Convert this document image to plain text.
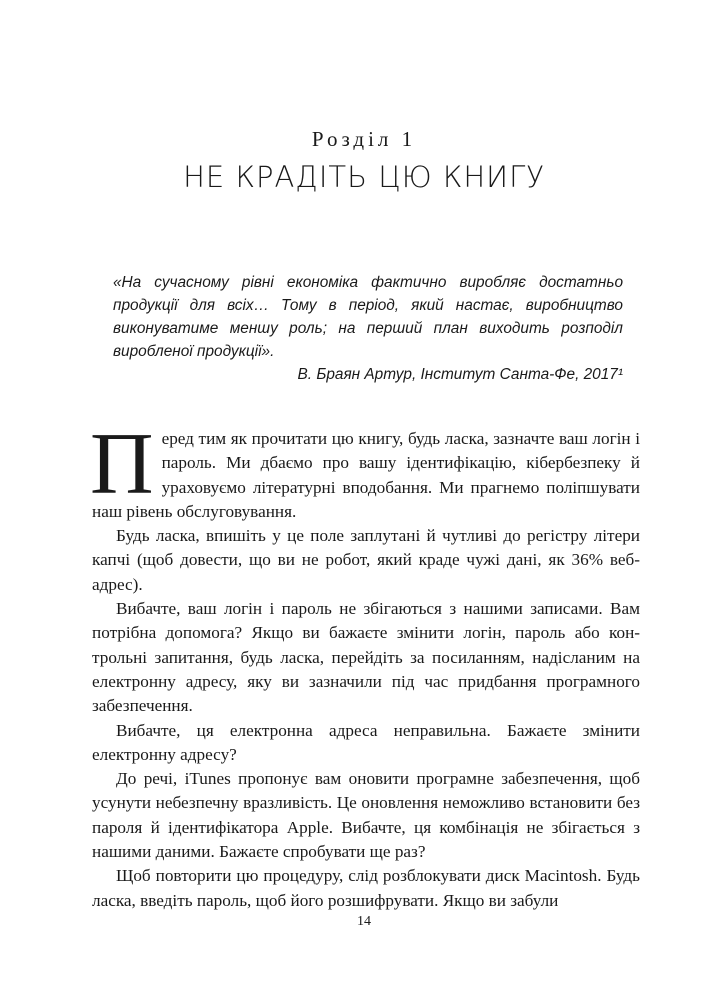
Розділ 1
НЕ КРАДІТЬ ЦЮ КНИГУ

«На сучасному рівні економіка фактично виробляє достатньо продукції для всіх… Тому в період, який настає, виробництво виконуватиме меншу роль; на перший план виходить розподіл виробленої продукції».

В. Браян Артур, Інститут Санта-Фе, 2017¹

П еред тим як прочитати цю книгу, будь ласка, зазначте ваш логін і пароль. Ми дбаємо про вашу ідентифікацію, кібербезпеку й ураховуємо літературні вподобання. Ми прагнемо поліпшувати наш рівень обслуговування.

Будь ласка, впишіть у це поле заплутані й чутливі до регістру літери капчі (щоб довести, що ви не робот, який краде чужі дані, як 36% вебадрес).

Вибачте, ваш логін і пароль не збігаються з нашими записами. Вам потрібна допомога? Якщо ви бажаєте змінити логін, пароль або контрольні запитання, будь ласка, перейдіть за посиланням, надісланим на електронну адресу, яку ви зазначили під час придбання програмного забезпечення.

Вибачте, ця електронна адреса неправильна. Бажаєте змінити електронну адресу?

До речі, iTunes пропонує вам оновити програмне забезпечення, щоб усунути небезпечну вразливість. Це оновлення неможливо встановити без пароля й ідентифікатора Apple. Вибачте, ця комбінація не збігається з нашими даними. Бажаєте спробувати ще раз?

Щоб повторити цю процедуру, слід розблокувати диск Macintosh. Будь ласка, введіть пароль, щоб його розшифрувати. Якщо ви забули

14
